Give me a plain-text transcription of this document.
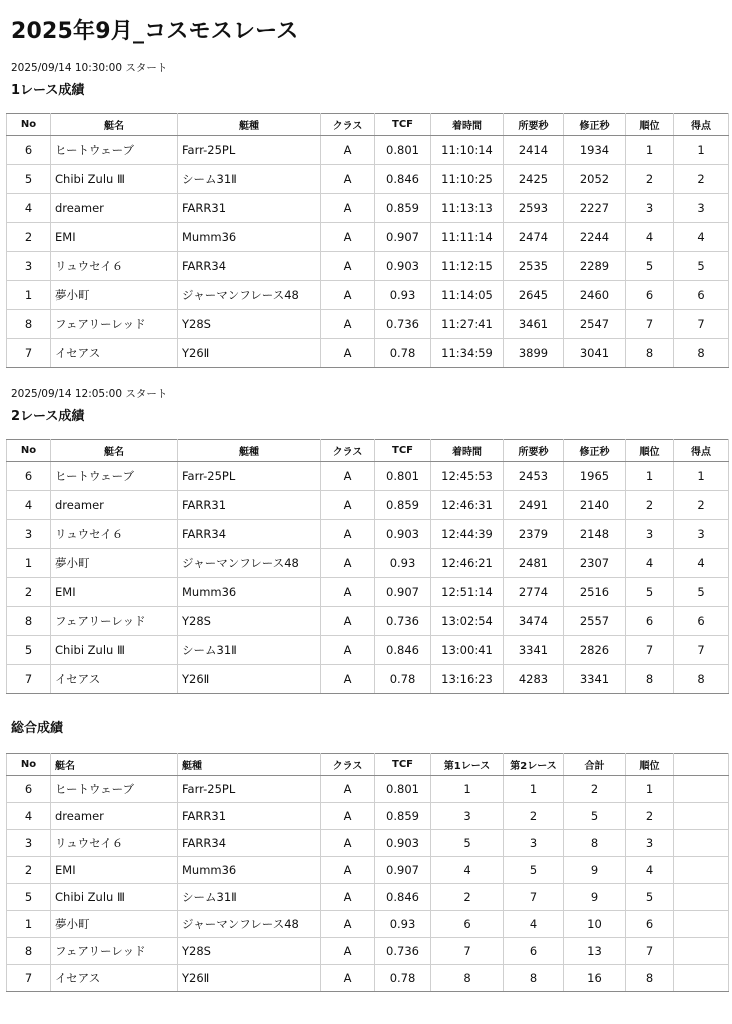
2025年9月_コスモスレース
2025/09/14 10:30:00 スタート
1レース成績
No	艇名	艇種	クラス	TCF	着時間	所要秒	修正秒	順位	得点
6	ヒートウェーブ	Farr-25PL	A	0.801	11:10:14	2414	1934	1	1
5	Chibi Zulu Ⅲ	シーム31Ⅱ	A	0.846	11:10:25	2425	2052	2	2
4	dreamer	FARR31	A	0.859	11:13:13	2593	2227	3	3
2	EMI	Mumm36	A	0.907	11:11:14	2474	2244	4	4
3	リュウセイ６	FARR34	A	0.903	11:12:15	2535	2289	5	5
1	夢小町	ジャーマンフレース48	A	0.93	11:14:05	2645	2460	6	6
8	フェアリーレッド	Y28S	A	0.736	11:27:41	3461	2547	7	7
7	イセアス	Y26Ⅱ	A	0.78	11:34:59	3899	3041	8	8
2025/09/14 12:05:00 スタート
2レース成績
No	艇名	艇種	クラス	TCF	着時間	所要秒	修正秒	順位	得点
6	ヒートウェーブ	Farr-25PL	A	0.801	12:45:53	2453	1965	1	1
4	dreamer	FARR31	A	0.859	12:46:31	2491	2140	2	2
3	リュウセイ６	FARR34	A	0.903	12:44:39	2379	2148	3	3
1	夢小町	ジャーマンフレース48	A	0.93	12:46:21	2481	2307	4	4
2	EMI	Mumm36	A	0.907	12:51:14	2774	2516	5	5
8	フェアリーレッド	Y28S	A	0.736	13:02:54	3474	2557	6	6
5	Chibi Zulu Ⅲ	シーム31Ⅱ	A	0.846	13:00:41	3341	2826	7	7
7	イセアス	Y26Ⅱ	A	0.78	13:16:23	4283	3341	8	8
総合成績
No	艇名	艇種	クラス	TCF	第1レース	第2レース	合計	順位	
6	ヒートウェーブ	Farr-25PL	A	0.801	1	1	2	1	
4	dreamer	FARR31	A	0.859	3	2	5	2	
3	リュウセイ６	FARR34	A	0.903	5	3	8	3	
2	EMI	Mumm36	A	0.907	4	5	9	4	
5	Chibi Zulu Ⅲ	シーム31Ⅱ	A	0.846	2	7	9	5	
1	夢小町	ジャーマンフレース48	A	0.93	6	4	10	6	
8	フェアリーレッド	Y28S	A	0.736	7	6	13	7	
7	イセアス	Y26Ⅱ	A	0.78	8	8	16	8	
